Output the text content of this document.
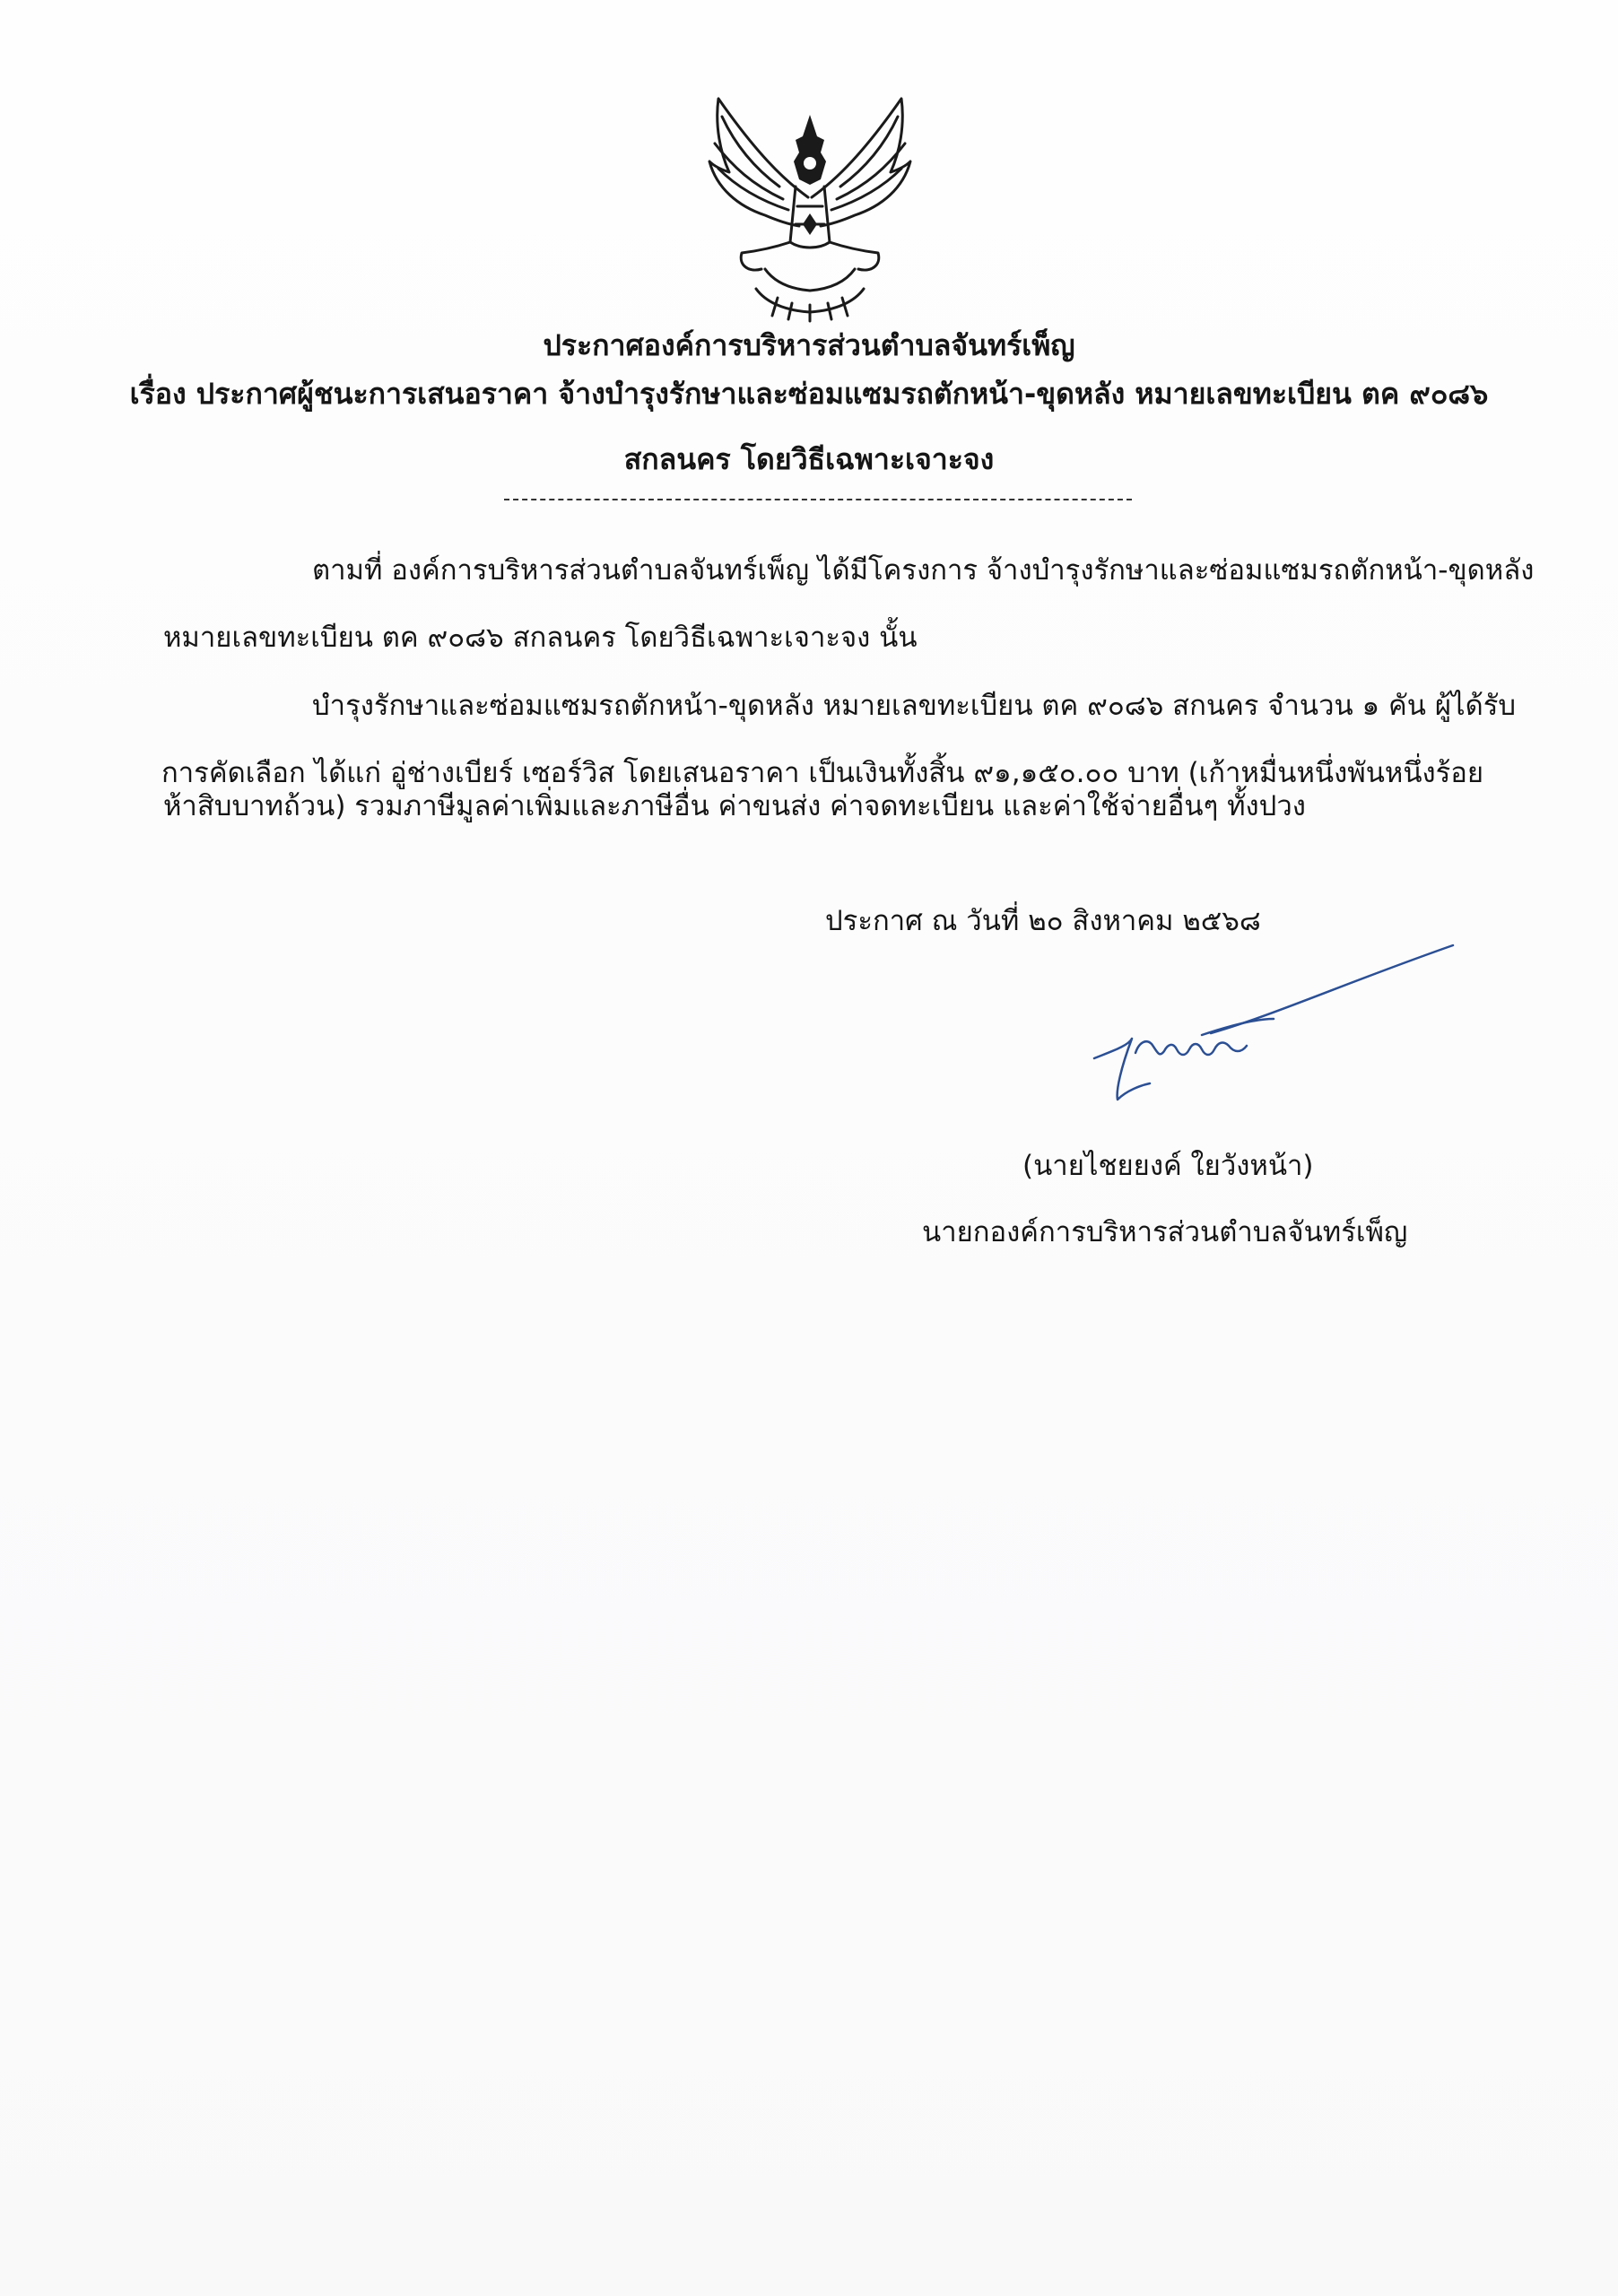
ประกาศองค์การบริหารส่วนตำบลจันทร์เพ็ญ
เรื่อง ประกาศผู้ชนะการเสนอราคา จ้างบำรุงรักษาและซ่อมแซมรถตักหน้า-ขุดหลัง หมายเลขทะเบียน ตค ๙๐๘๖
สกลนคร โดยวิธีเฉพาะเจาะจง
ตามที่ องค์การบริหารส่วนตำบลจันทร์เพ็ญ ได้มีโครงการ จ้างบำรุงรักษาและซ่อมแซมรถตักหน้า-ขุดหลัง
หมายเลขทะเบียน ตค ๙๐๘๖ สกลนคร โดยวิธีเฉพาะเจาะจง นั้น
บำรุงรักษาและซ่อมแซมรถตักหน้า-ขุดหลัง หมายเลขทะเบียน ตค ๙๐๘๖ สกนคร จำนวน ๑ คัน ผู้ได้รับ
การคัดเลือก ได้แก่ อู่ช่างเบียร์ เซอร์วิส โดยเสนอราคา เป็นเงินทั้งสิ้น ๙๑,๑๕๐.๐๐ บาท (เก้าหมื่นหนึ่งพันหนึ่งร้อย
ห้าสิบบาทถ้วน) รวมภาษีมูลค่าเพิ่มและภาษีอื่น ค่าขนส่ง ค่าจดทะเบียน และค่าใช้จ่ายอื่นๆ ทั้งปวง
ประกาศ ณ วันที่ ๒๐ สิงหาคม ๒๕๖๘
(นายไชยยงค์ ใยวังหน้า)
นายกองค์การบริหารส่วนตำบลจันทร์เพ็ญ
